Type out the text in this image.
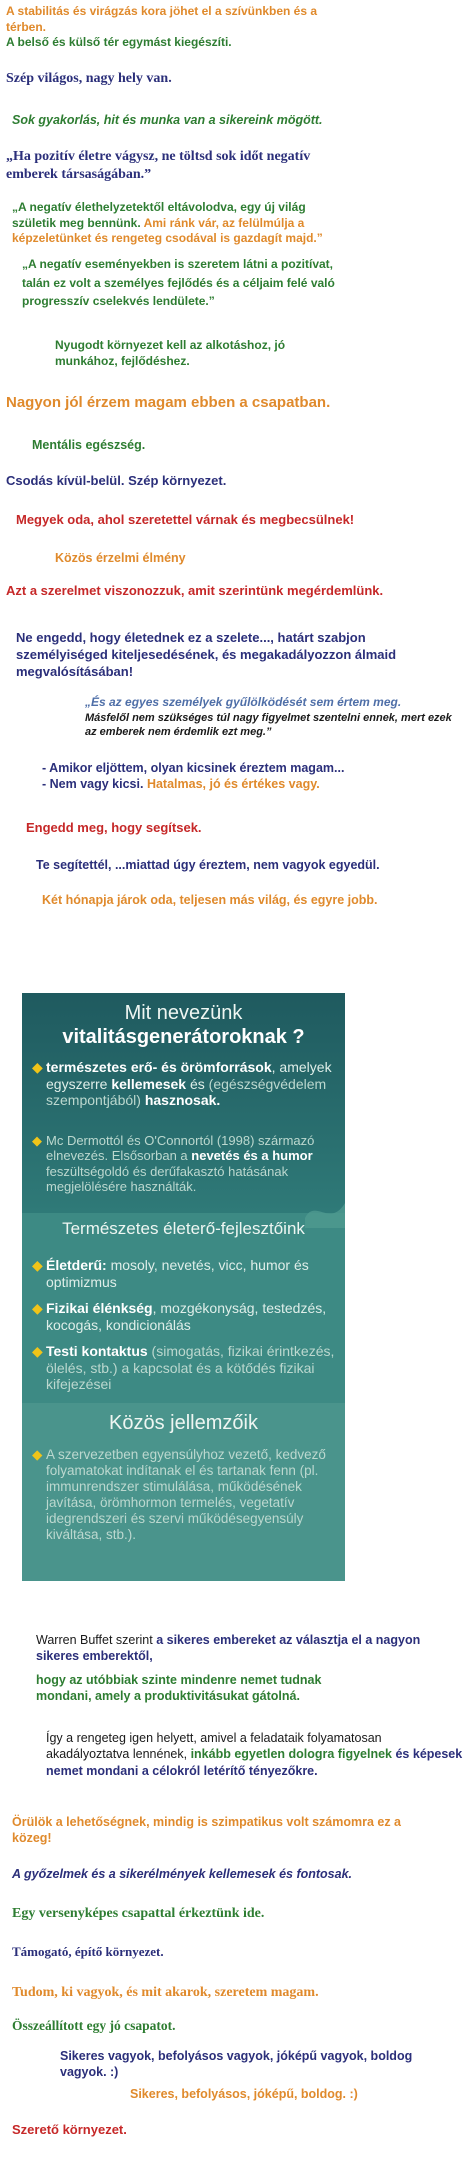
A stabilitás és virágzás kora jöhet el a szívünkben és a térben.

A belső és külső tér egymást kiegészíti.

Szép világos, nagy hely van.

Sok gyakorlás, hit és munka van a sikereink mögött.

„Ha pozitív életre vágysz, ne töltsd sok időt negatív emberek társaságában.”

„A negatív élethelyzetektől eltávolodva, egy új világ születik meg bennünk. Ami ránk vár, az felülmúlja a képzeletünket és rengeteg csodával is gazdagít majd.”

„A negatív eseményekben is szeretem látni a pozitívat, talán ez volt a személyes fejlődés és a céljaim felé való progresszív cselekvés lendülete.”

Nyugodt környezet kell az alkotáshoz, jó munkához, fejlődéshez.

Nagyon jól érzem magam ebben a csapatban.

Mentális egészség.

Csodás kívül-belül. Szép környezet.

Megyek oda, ahol szeretettel várnak és megbecsülnek!

Közös érzelmi élmény

Azt a szerelmet viszonozzuk, amit szerintünk megérdemlünk.

Ne engedd, hogy életednek ez a szelete..., határt szabjon személyiséged kiteljesedésének, és megakadályozzon álmaid megvalósításában!

„És az egyes személyek gyűlölködését sem értem meg.
Másfelől nem szükséges túl nagy figyelmet szentelni ennek, mert ezek az emberek nem érdemlik ezt meg.”

- Amikor eljöttem, olyan kicsinek éreztem magam...
- Nem vagy kicsi. Hatalmas, jó és értékes vagy.

Engedd meg, hogy segítsek.

Te segítettél, ...miattad úgy éreztem, nem vagyok egyedül.

Két hónapja járok oda, teljesen más világ, és egyre jobb.

Mit nevezünk
vitalitásgenerátoroknak ?
◆ természetes erő- és örömforrások, amelyek egyszerre kellemesek és (egészségvédelem szempontjából) hasznosak.
◆ Mc Dermottól és O'Connortól (1998) származó elnevezés. Elsősorban a nevetés és a humor feszültségoldó és derűfakasztó hatásának megjelölésére használták.
Természetes életerő-fejlesztőink
◆ Életderű: mosoly, nevetés, vicc, humor és optimizmus
◆ Fizikai élénkség, mozgékonyság, testedzés, kocogás, kondicionálás
◆ Testi kontaktus (simogatás, fizikai érintkezés, ölelés, stb.) a kapcsolat és a kötődés fizikai kifejezései
Közös jellemzőik
◆ A szervezetben egyensúlyhoz vezető, kedvező folyamatokat indítanak el és tartanak fenn (pl. immunrendszer stimulálása, működésének javítása, örömhormon termelés, vegetatív idegrendszeri és szervi működésegyensúly kiváltása, stb.).

Warren Buffet szerint a sikeres embereket az választja el a nagyon sikeres emberektől,

hogy az utóbbiak szinte mindenre nemet tudnak mondani, amely a produktivitásukat gátolná.

Így a rengeteg igen helyett, amivel a feladataik folyamatosan akadályoztatva lennének, inkább egyetlen dologra figyelnek és képesek nemet mondani a célokról letérítő tényezőkre.

Örülök a lehetőségnek, mindig is szimpatikus volt számomra ez a közeg!

A győzelmek és a sikerélmények kellemesek és fontosak.

Egy versenyképes csapattal érkeztünk ide.

Támogató, építő környezet.

Tudom, ki vagyok, és mit akarok, szeretem magam.

Összeállított egy jó csapatot.

Sikeres vagyok, befolyásos vagyok, jóképű vagyok, boldog vagyok. :)

Sikeres, befolyásos, jóképű, boldog. :)

Szerető környezet.
